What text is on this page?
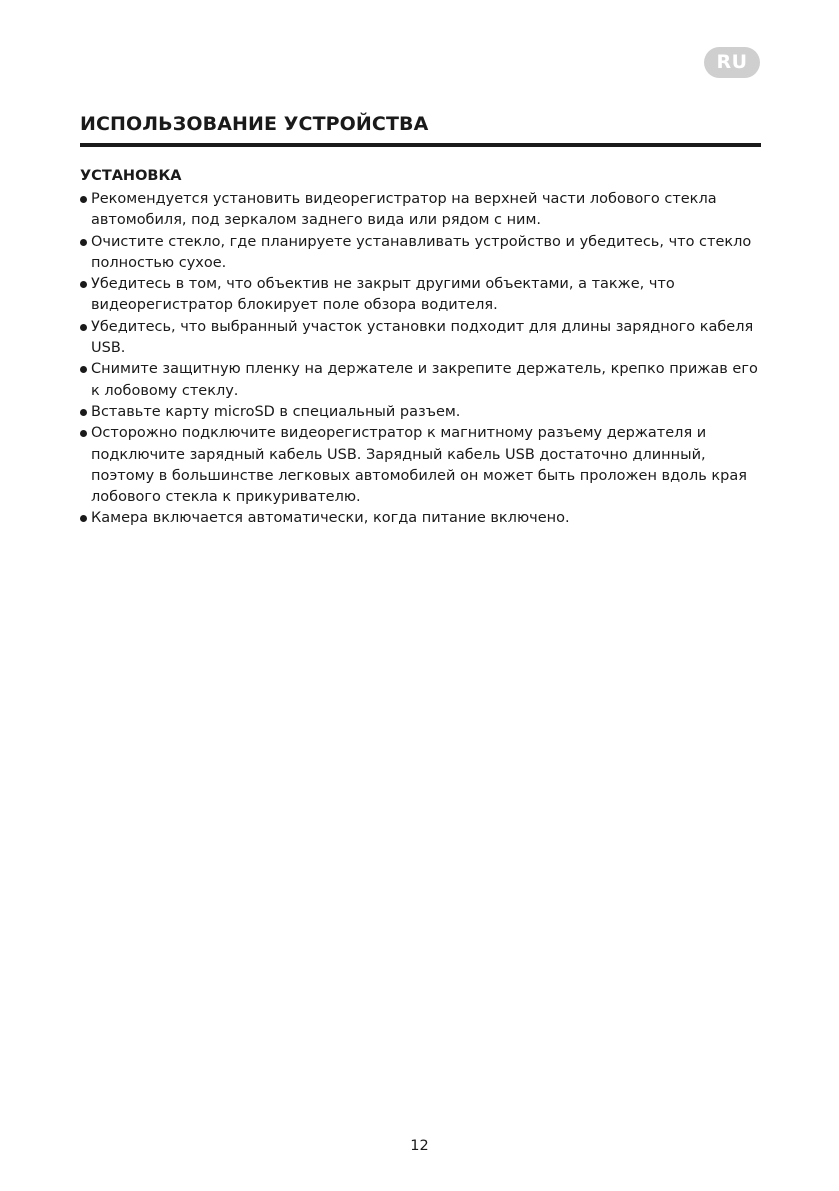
RU
ИСПОЛЬЗОВАНИЕ УСТРОЙСТВА
УСТАНОВКА
Рекомендуется установить видеорегистратор на верхней части лобового стекла автомобиля, под зеркалом заднего вида или рядом с ним.
Очистите стекло, где планируете устанавливать устройство и убедитесь, что стекло полностью сухое.
Убедитесь в том, что объектив не закрыт другими объектами, а также, что видеорегистратор блокирует поле обзора водителя.
Убедитесь, что выбранный участок установки подходит для длины зарядного кабеля USB.
Снимите защитную пленку на держателе и закрепите держатель, крепко прижав его к лобовому стеклу.
Вставьте карту microSD в специальный разъем.
Осторожно подключите видеорегистратор к магнитному разъему держателя и подключите зарядный кабель USB. Зарядный кабель USB достаточно длинный, поэтому в большинстве легковых автомобилей он может быть проложен вдоль края лобового стекла к прикуривателю.
Камера включается автоматически, когда питание включено.
12
